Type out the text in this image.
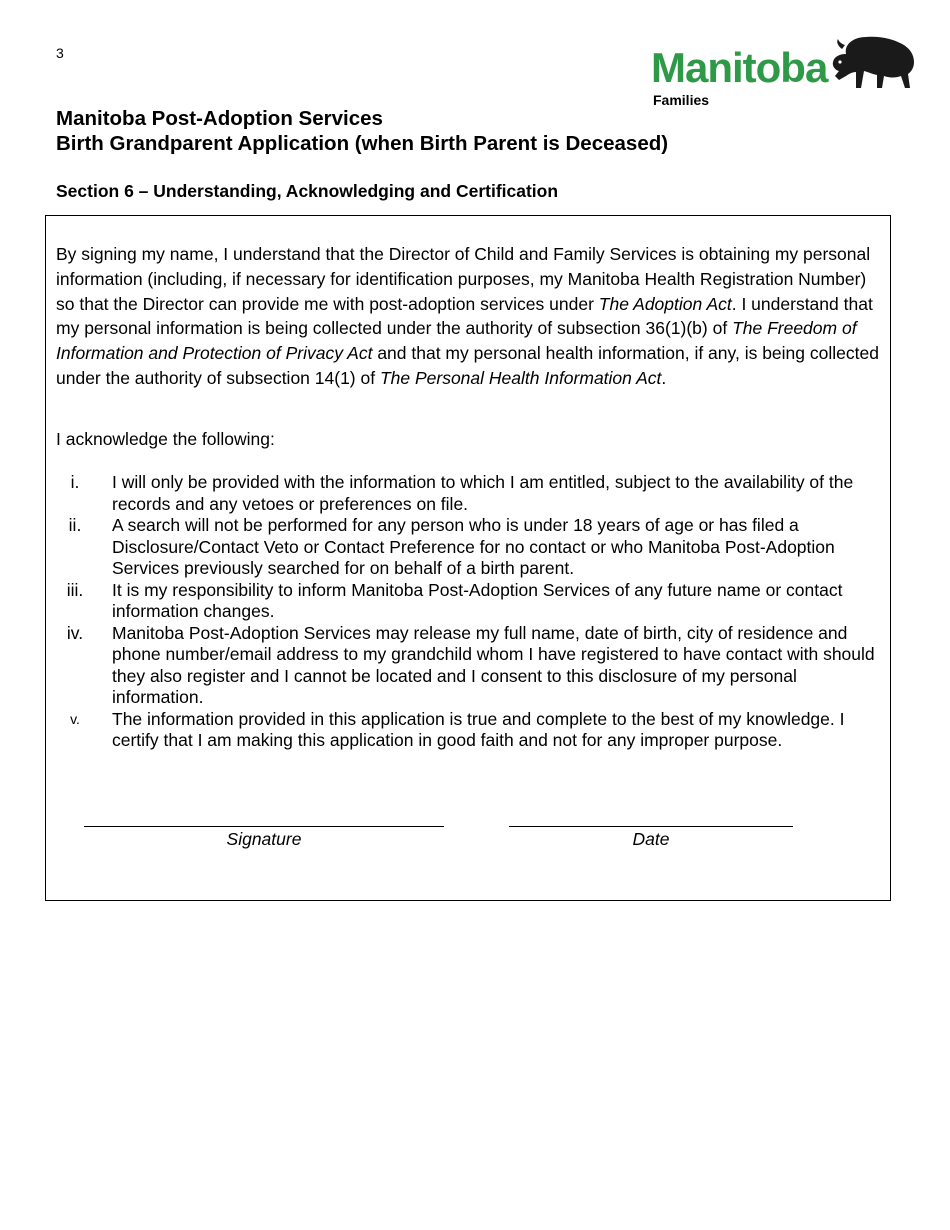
3	Manitoba
Families
Manitoba Post-Adoption Services
Birth Grandparent Application (when Birth Parent is Deceased)
Section 6 – Understanding, Acknowledging and Certification

By signing my name, I understand that the Director of Child and Family Services is obtaining my personal information (including, if necessary for identification purposes, my Manitoba Health Registration Number) so that the Director can provide me with post-adoption services under The Adoption Act. I understand that my personal information is being collected under the authority of subsection 36(1)(b) of The Freedom of Information and Protection of Privacy Act and that my personal health information, if any, is being collected under the authority of subsection 14(1) of The Personal Health Information Act.

I acknowledge the following:

i.	I will only be provided with the information to which I am entitled, subject to the availability of the records and any vetoes or preferences on file.
ii.	A search will not be performed for any person who is under 18 years of age or has filed a Disclosure/Contact Veto or Contact Preference for no contact or who Manitoba Post-Adoption Services previously searched for on behalf of a birth parent.
iii.	It is my responsibility to inform Manitoba Post-Adoption Services of any future name or contact information changes.
iv.	Manitoba Post-Adoption Services may release my full name, date of birth, city of residence and phone number/email address to my grandchild whom I have registered to have contact with should they also register and I cannot be located and I consent to this disclosure of my personal information.
v.	The information provided in this application is true and complete to the best of my knowledge. I certify that I am making this application in good faith and not for any improper purpose.
Signature	Date
